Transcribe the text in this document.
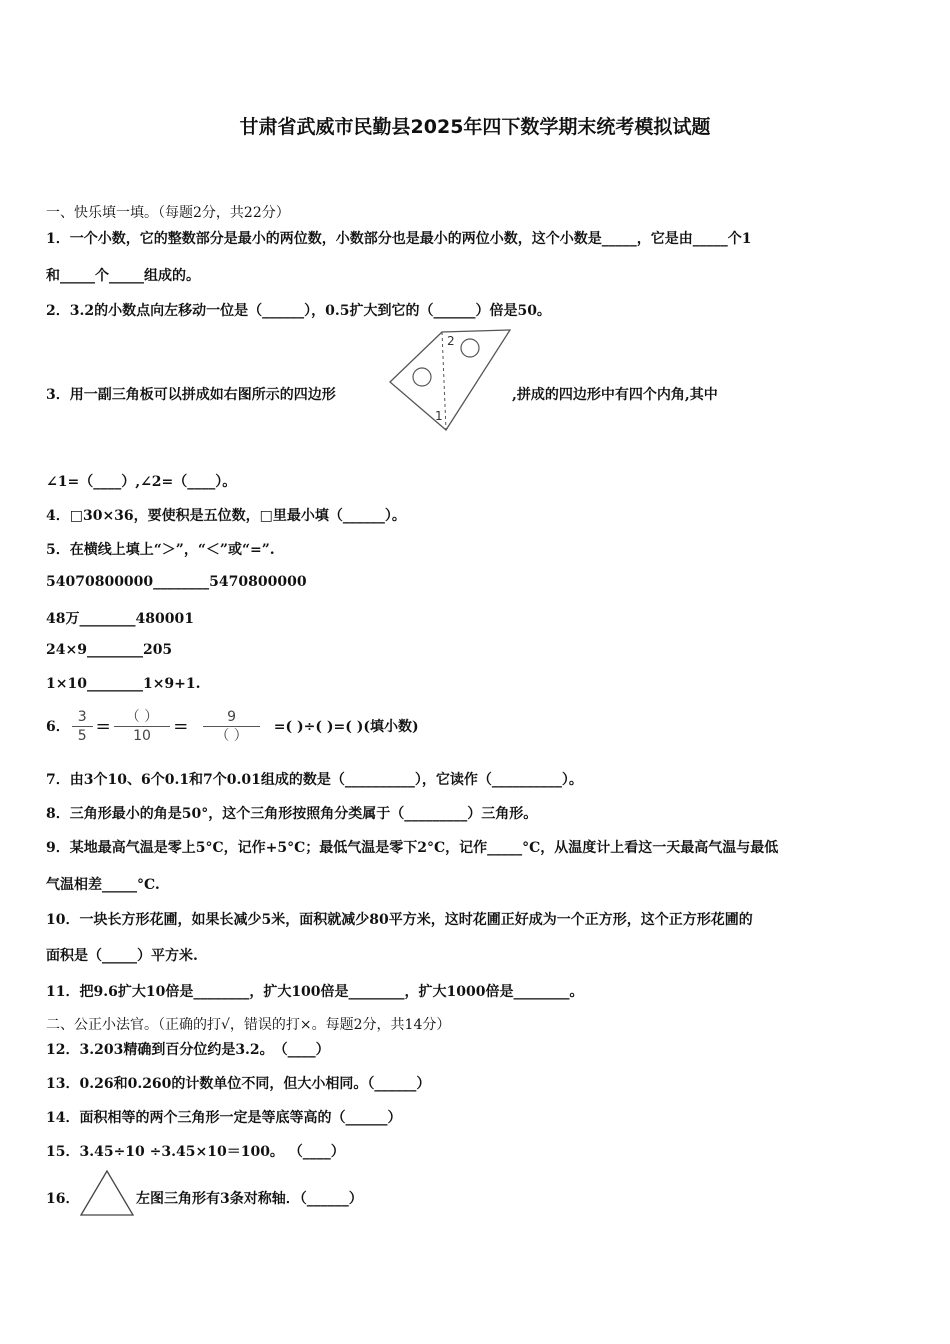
甘肃省武威市民勤县2025年四下数学期末统考模拟试题
一、快乐填一填。（每题2分，共22分）
1．一个小数，它的整数部分是最小的两位数，小数部分也是最小的两位小数，这个小数是_____，它是由_____个1
和_____个_____组成的。
2．3.2的小数点向左移动一位是（______），0.5扩大到它的（______）倍是50。
3．用一副三角板可以拼成如右图所示的四边形
2
1
,拼成的四边形中有四个内角,其中
∠1=（____）,∠2=（____）。
4．□30×36，要使积是五位数，□里最小填（______）。
5．在横线上填上“＞”，“＜”或“=”.
54070800000________5470800000
48万________480001
24×9________205
1×10________1×9+1.
6． $\frac{3}{5} = \frac{( )}{10} = \frac{9}{( )}$ =( )÷( )=( )(填小数)
7．由3个10、6个0.1和7个0.01组成的数是（__________），它读作（__________）。
8．三角形最小的角是50°，这个三角形按照角分类属于（_________）三角形。
9．某地最高气温是零上5°C，记作+5°C；最低气温是零下2°C，记作_____°C，从温度计上看这一天最高气温与最低
气温相差_____°C.
10．一块长方形花圃，如果长减少5米，面积就减少80平方米，这时花圃正好成为一个正方形，这个正方形花圃的
面积是（_____）平方米.
11．把9.6扩大10倍是________，扩大100倍是________，扩大1000倍是________。
二、公正小法官。（正确的打√，错误的打×。每题2分，共14分）
12．3.203精确到百分位约是3.2。　（____）
13．0.26和0.260的计数单位不同，但大小相同。（______）
14．面积相等的两个三角形一定是等底等高的（______）
15．3.45÷10 ÷3.45×10＝100。 （____）
16．	左图三角形有3条对称轴．（______）
